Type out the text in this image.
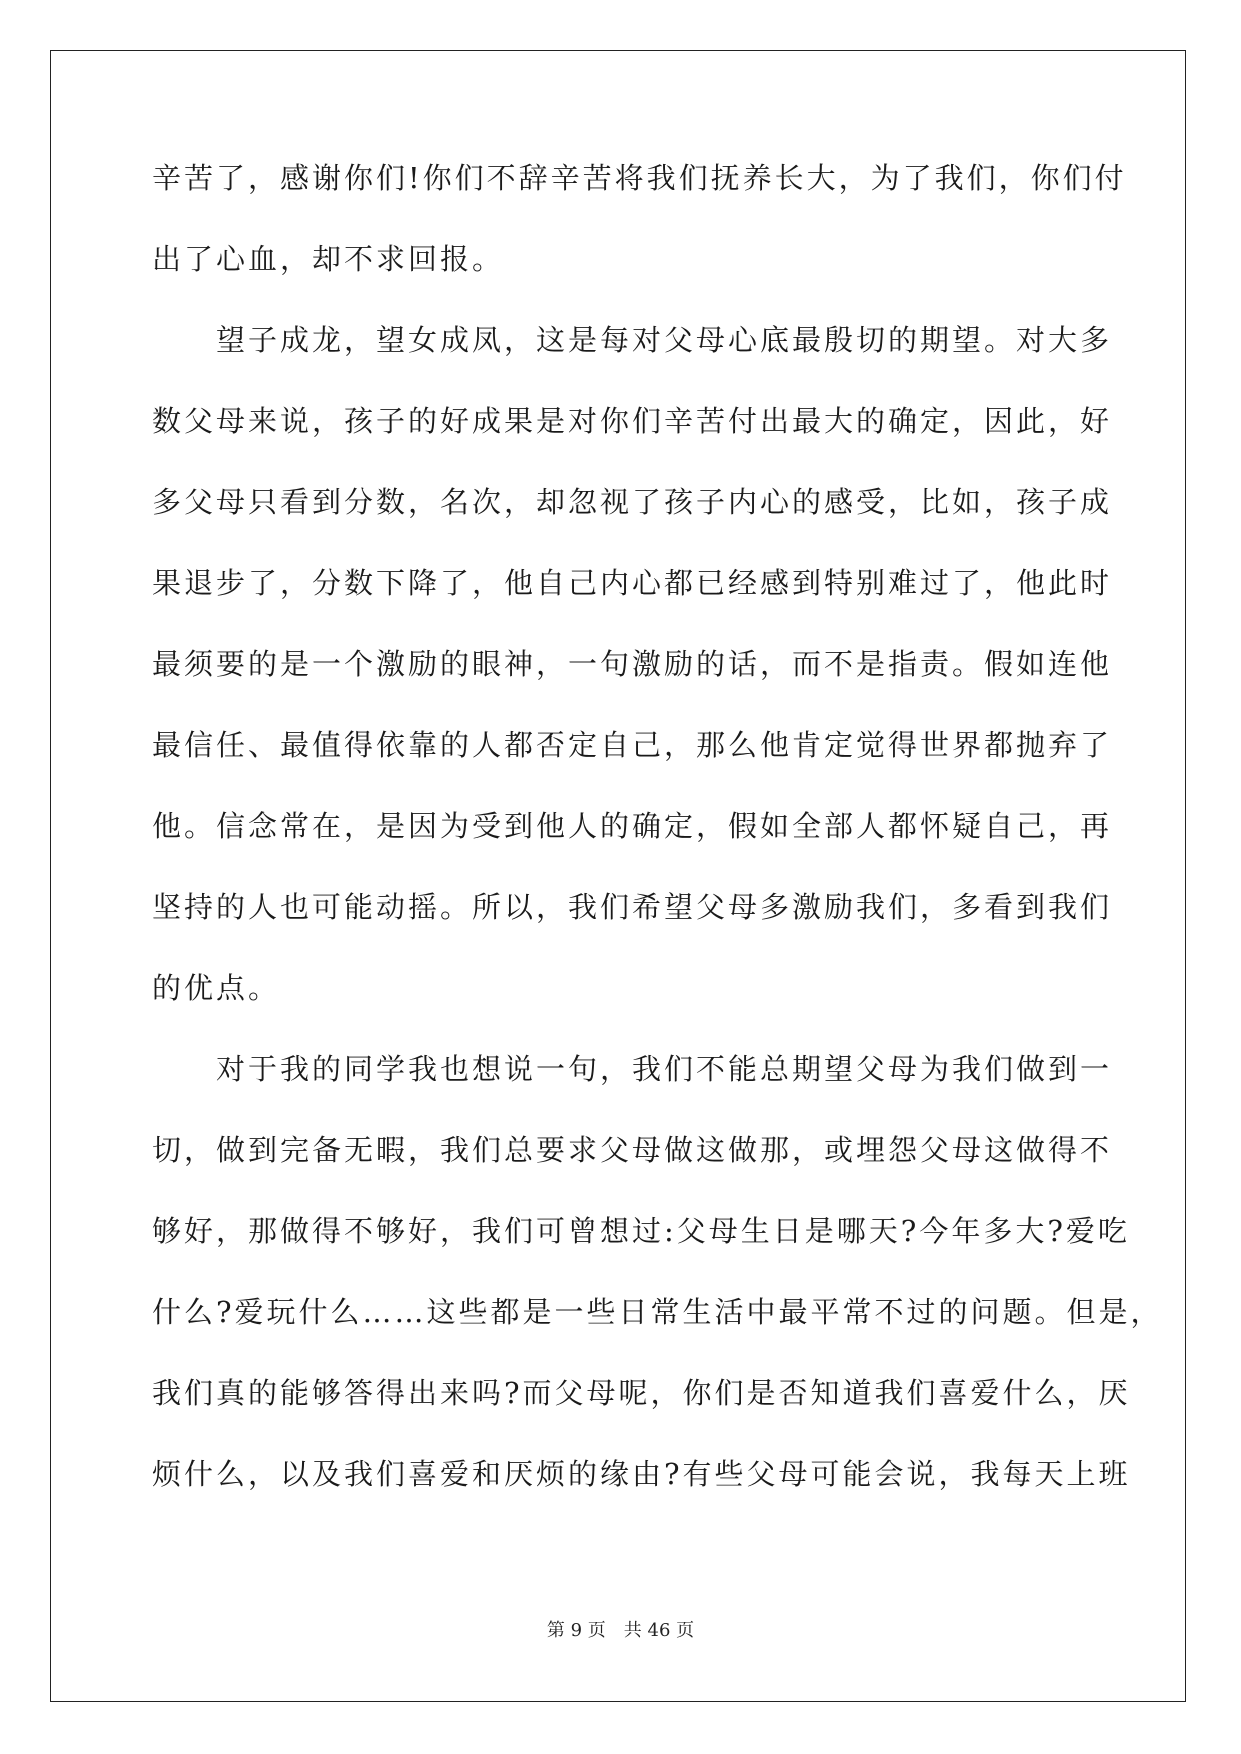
辛苦了，感谢你们!你们不辞辛苦将我们抚养长大，为了我们，你们付
出了心血，却不求回报。
　　望子成龙，望女成凤，这是每对父母心底最殷切的期望。对大多
数父母来说，孩子的好成果是对你们辛苦付出最大的确定，因此，好
多父母只看到分数，名次，却忽视了孩子内心的感受，比如，孩子成
果退步了，分数下降了，他自己内心都已经感到特别难过了，他此时
最须要的是一个激励的眼神，一句激励的话，而不是指责。假如连他
最信任、最值得依靠的人都否定自己，那么他肯定觉得世界都抛弃了
他。信念常在，是因为受到他人的确定，假如全部人都怀疑自己，再
坚持的人也可能动摇。所以，我们希望父母多激励我们，多看到我们
的优点。
　　对于我的同学我也想说一句，我们不能总期望父母为我们做到一
切，做到完备无暇，我们总要求父母做这做那，或埋怨父母这做得不
够好，那做得不够好，我们可曾想过:父母生日是哪天?今年多大?爱吃
什么?爱玩什么……这些都是一些日常生活中最平常不过的问题。但是，
我们真的能够答得出来吗?而父母呢，你们是否知道我们喜爱什么，厌
烦什么，以及我们喜爱和厌烦的缘由?有些父母可能会说，我每天上班
第 9 页 共 46 页
